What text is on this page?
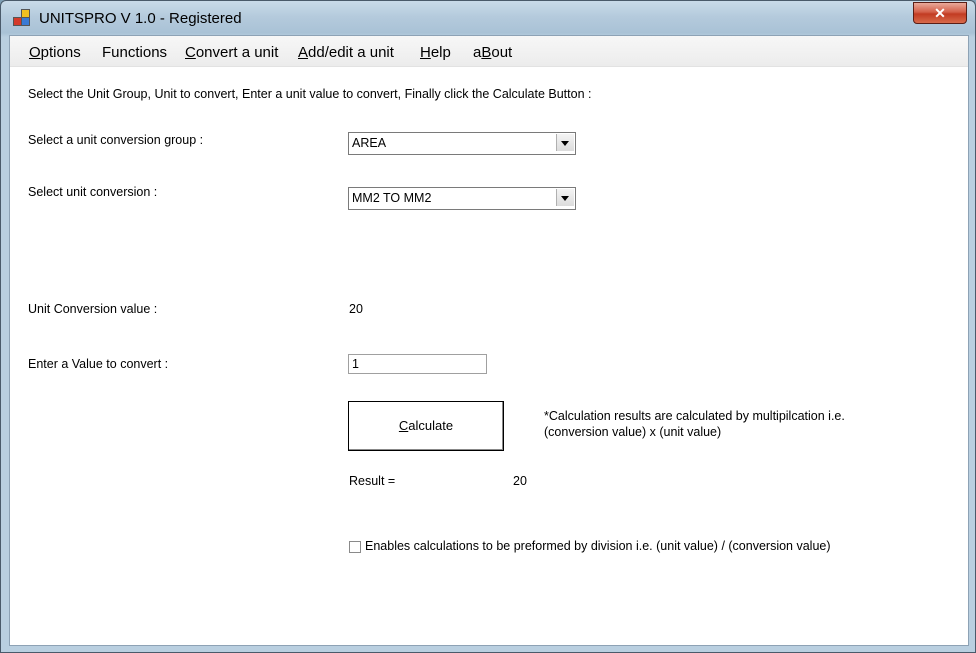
UNITSPRO V 1.0 - Registered	✕
Options Functions Convert a unit Add/edit a unit Help aBout
Select the Unit Group, Unit to convert, Enter a unit value to convert, Finally click the Calculate Button :
Select a unit conversion group :	AREA
Select unit conversion :	MM2 TO MM2
Unit Conversion value :	20
Enter a Value to convert :
1
Calculate
*Calculation results are calculated by multipilcation i.e.
(conversion value) x (unit value)
Result =	20
Enables calculations to be preformed by division i.e. (unit value) / (conversion value)
